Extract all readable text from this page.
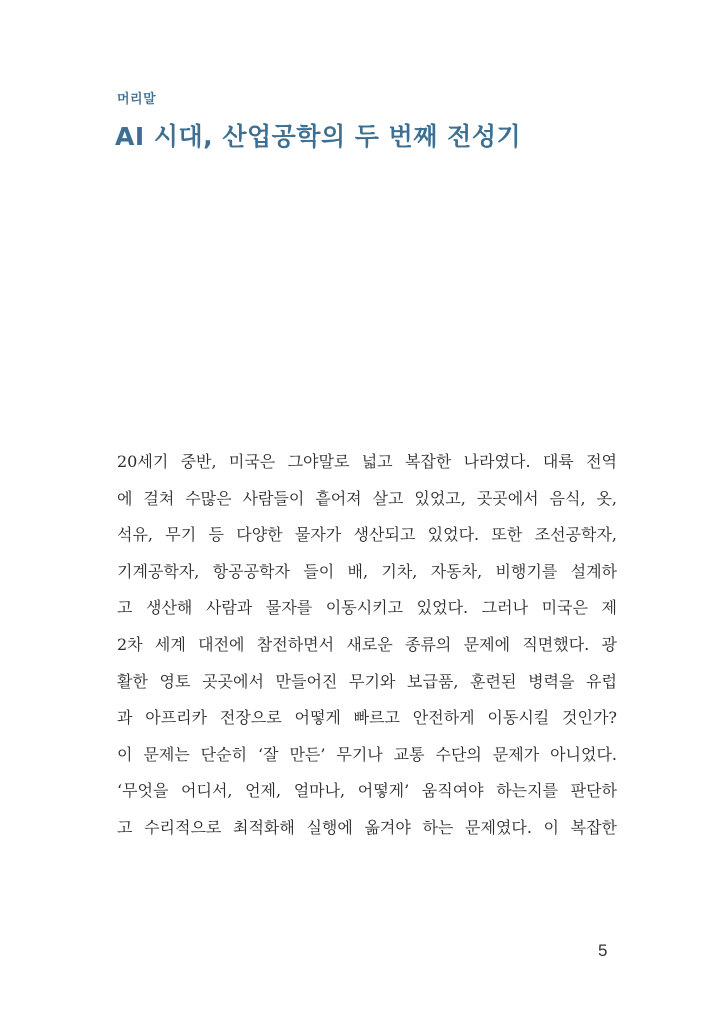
머리말
AI 시대, 산업공학의 두 번째 전성기
20세기 중반, 미국은 그야말로 넓고 복잡한 나라였다. 대륙 전역
에 걸쳐 수많은 사람들이 흩어져 살고 있었고, 곳곳에서 음식, 옷,
석유, 무기 등 다양한 물자가 생산되고 있었다. 또한 조선공학자,
기계공학자, 항공공학자 들이 배, 기차, 자동차, 비행기를 설계하
고 생산해 사람과 물자를 이동시키고 있었다. 그러나 미국은 제
2차 세계 대전에 참전하면서 새로운 종류의 문제에 직면했다. 광
활한 영토 곳곳에서 만들어진 무기와 보급품, 훈련된 병력을 유럽
과 아프리카 전장으로 어떻게 빠르고 안전하게 이동시킬 것인가?
이 문제는 단순히 ‘잘 만든’ 무기나 교통 수단의 문제가 아니었다.
‘무엇을 어디서, 언제, 얼마나, 어떻게’ 움직여야 하는지를 판단하
고 수리적으로 최적화해 실행에 옮겨야 하는 문제였다. 이 복잡한
5
